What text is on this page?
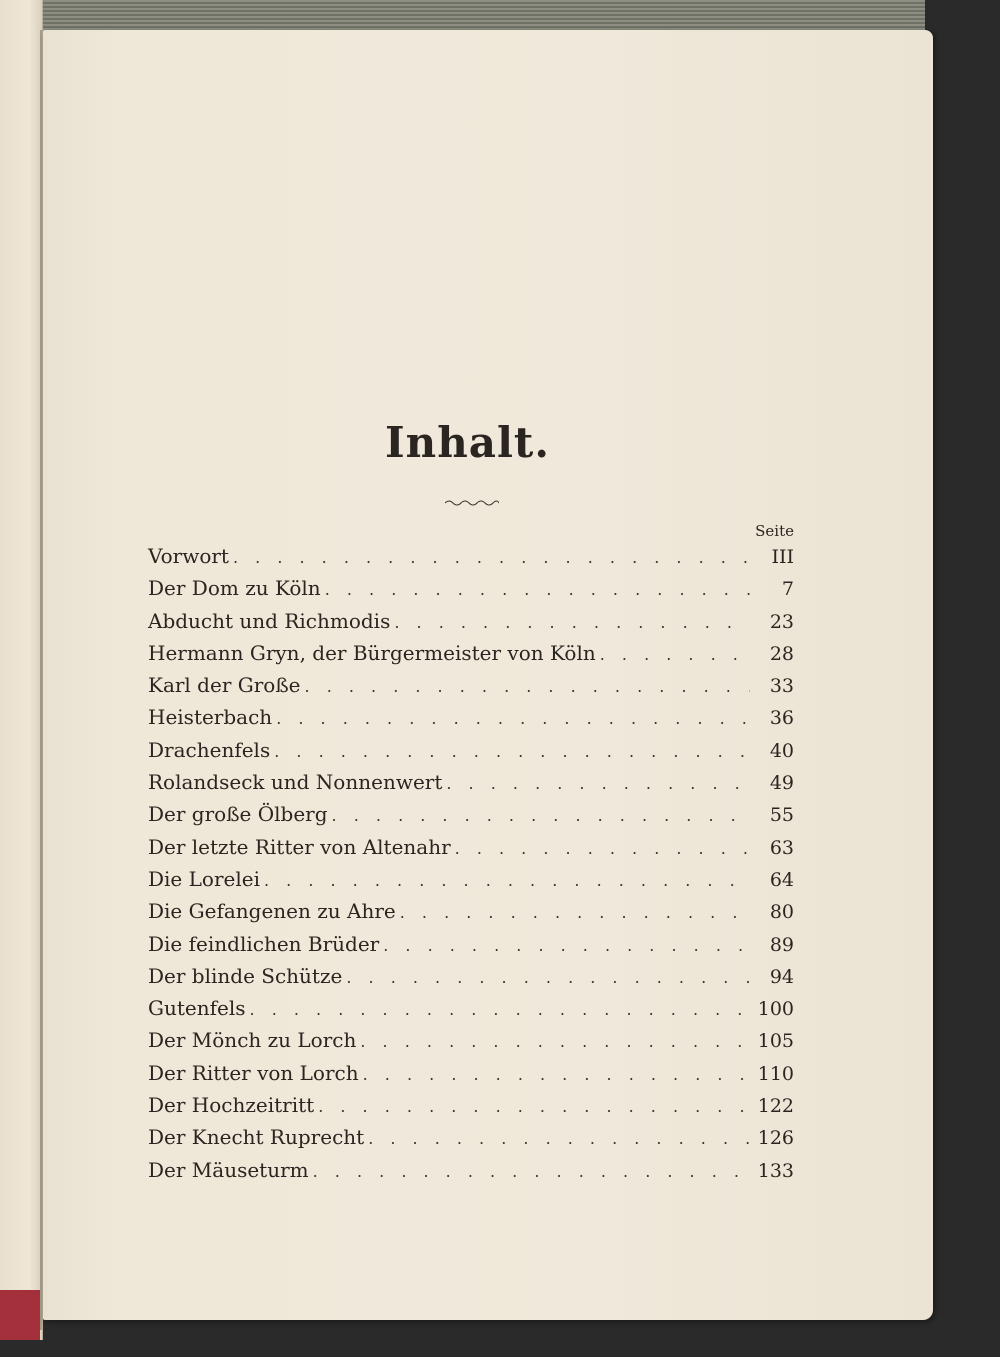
Inhalt.
Seite
Vorwort . . .	III
Der Dom zu Köln . . .	7
Abducht und Richmodis . . .	23
Hermann Gryn, der Bürgermeister von Köln . . .	28
Karl der Große . . .	33
Heisterbach . . .	36
Drachenfels . . .	40
Rolandseck und Nonnenwert . . .	49
Der große Ölberg . . .	55
Der letzte Ritter von Altenahr . . .	63
Die Lorelei . . .	64
Die Gefangenen zu Ahre . . .	80
Die feindlichen Brüder . . .	89
Der blinde Schütze . . .	94
Gutenfels . . .	100
Der Mönch zu Lorch . . .	105
Der Ritter von Lorch . . .	110
Der Hochzeitritt . . .	122
Der Knecht Ruprecht . . .	126
Der Mäuseturm . . .	133
